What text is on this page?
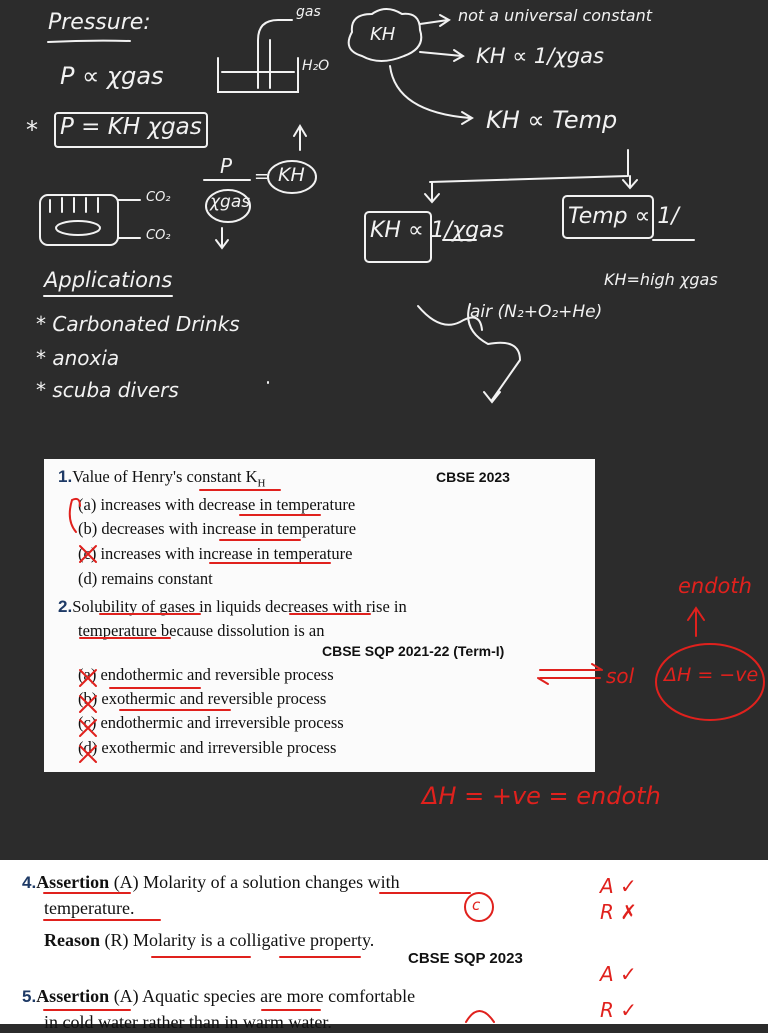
Pressure:
P ∝ χgas
* P = KH χgas
gas
H₂O
CO₂
CO₂
P
χgas
= KH
KH
not a universal constant
KH ∝ 1/χgas
KH ∝ Temp
KH ∝ 1/χgas
Temp ∝ 1/
KH=high χgas
air (N₂+O₂+He)
Applications
* Carbonated Drinks
* anoxia
* scuba divers
endoth
sol ΔH = −ve
ΔH = +ve = endoth
1.Value of Henry's constant $K_H$	CBSE 2023
(a) increases with decrease in temperature
(b) decreases with increase in temperature
(c) increases with increase in temperature
(d) remains constant
2.Solubility of gases in liquids decreases with rise in
temperature because dissolution is an
CBSE SQP 2021-22 (Term-I)
(a) endothermic and reversible process
(b) exothermic and reversible process
(c) endothermic and irreversible process
(d) exothermic and irreversible process
4.Assertion (A) Molarity of a solution changes with
temperature.
Reason (R) Molarity is a colligative property.
CBSE SQP 2023
5.Assertion (A) Aquatic species are more comfortable
in cold water rather than in warm water.
c
A ✓
R ✗
A ✓
R ✓
